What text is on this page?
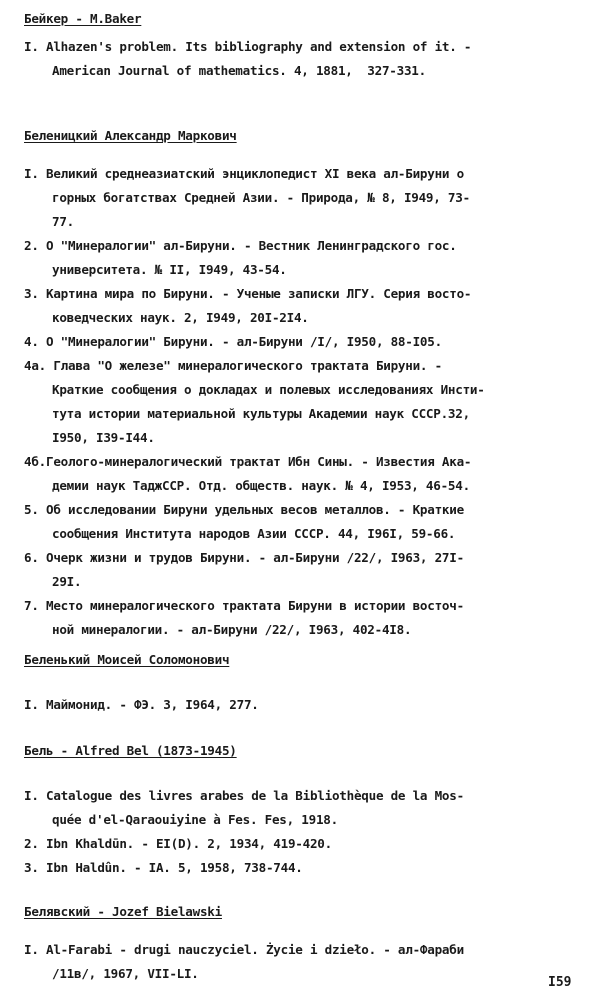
Бейкер - M.Baker
I. Alhazen's problem. Its bibliography and extension of it. -
American Journal of mathematics. 4, 1881,  327-331.
Беленицкий Александр Маркович
I. Великий среднеазиатский энциклопедист XI века ал-Бируни о
горных богатствах Средней Азии. - Природа, № 8, I949, 73-
77.
2. О "Минералогии" ал-Бируни. - Вестник Ленинградского гос.
университета. № II, I949, 43-54.
3. Картина мира по Бируни. - Ученые записки ЛГУ. Серия восто-
коведческих наук. 2, I949, 20I-2I4.
4. О "Минералогии" Бируни. - ал-Бируни /I/, I950, 88-I05.
4а. Глава "О железе" минералогического трактата Бируни. -
Краткие сообщения о докладах и полевых исследованиях Инсти-
тута истории материальной культуры Академии наук СССР.32,
I950, I39-I44.
4б.Геолого-минералогический трактат Ибн Сины. - Известия Ака-
демии наук ТаджССР. Отд. обществ. наук. № 4, I953, 46-54.
5. Об исследовании Бируни удельных весов металлов. - Краткие
сообщения Института народов Азии СССР. 44, I96I, 59-66.
6. Очерк жизни и трудов Бируни. - ал-Бируни /22/, I963, 27I-
29I.
7. Место минералогического трактата Бируни в истории восточ-
ной минералогии. - ал-Бируни /22/, I963, 402-4I8.
Беленький Моисей Соломонович
I. Маймонид. - ФЭ. 3, I964, 277.
Бель - Alfred Bel (1873-1945)
I. Catalogue des livres arabes de la Bibliothèque de la Mos-
quée d'el-Qaraouiyine à Fes. Fes, 1918.
2. Ibn Khaldūn. - EI(D). 2, 1934, 419-420.
3. Ibn Haldûn. - IA. 5, 1958, 738-744.
Белявский - Jozef Bielawski
I. Al-Farabi - drugi nauczyciel. Życie i dzieło. - ал-Фараби
/11в/, 1967, VII-LI.
I59
